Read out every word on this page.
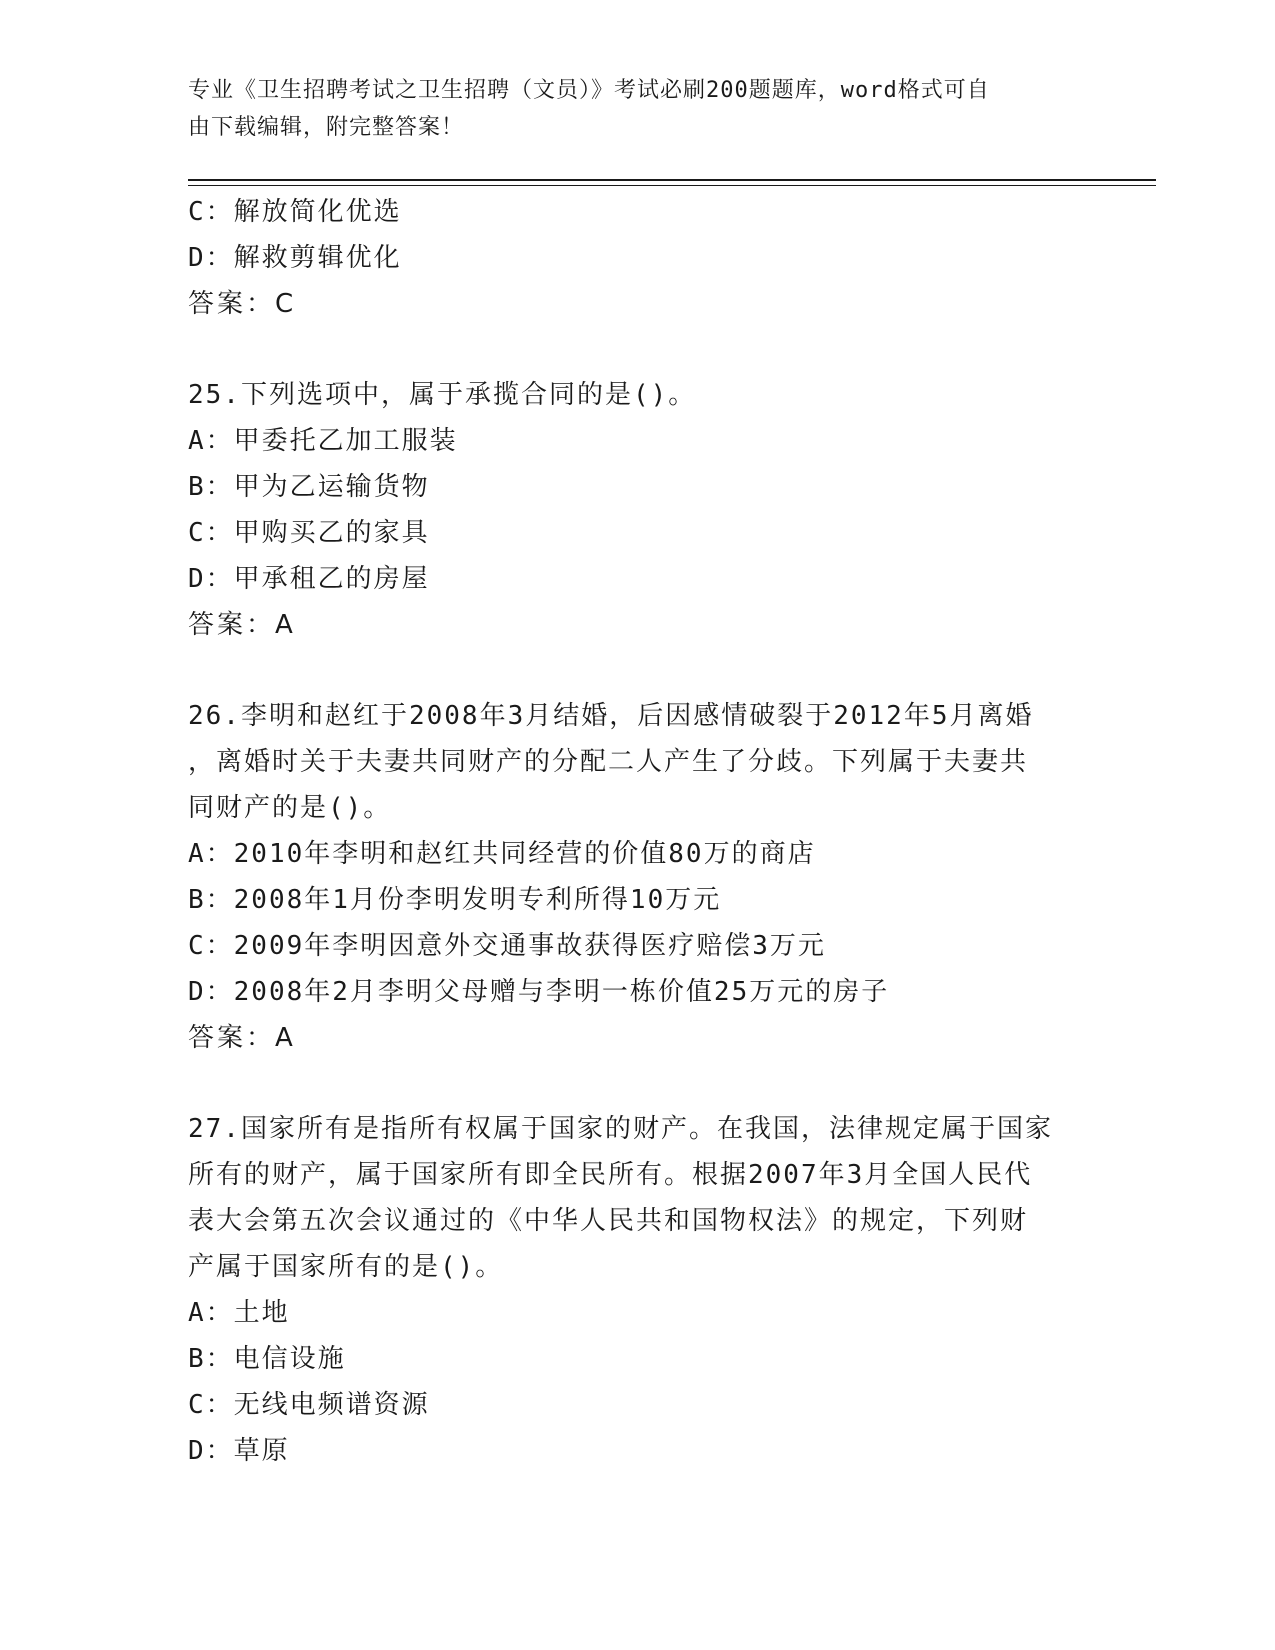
专业《卫生招聘考试之卫生招聘（文员）》考试必刷200题题库，word格式可自
由下载编辑，附完整答案！
C：解放简化优选
D：解救剪辑优化
答案：C
25.下列选项中，属于承揽合同的是()。
A：甲委托乙加工服装
B：甲为乙运输货物
C：甲购买乙的家具
D：甲承租乙的房屋
答案：A
26.李明和赵红于2008年3月结婚，后因感情破裂于2012年5月离婚
，离婚时关于夫妻共同财产的分配二人产生了分歧。下列属于夫妻共
同财产的是()。
A：2010年李明和赵红共同经营的价值80万的商店
B：2008年1月份李明发明专利所得10万元
C：2009年李明因意外交通事故获得医疗赔偿3万元
D：2008年2月李明父母赠与李明一栋价值25万元的房子
答案：A
27.国家所有是指所有权属于国家的财产。在我国，法律规定属于国家
所有的财产，属于国家所有即全民所有。根据2007年3月全国人民代
表大会第五次会议通过的《中华人民共和国物权法》的规定，下列财
产属于国家所有的是()。
A：土地
B：电信设施
C：无线电频谱资源
D：草原
